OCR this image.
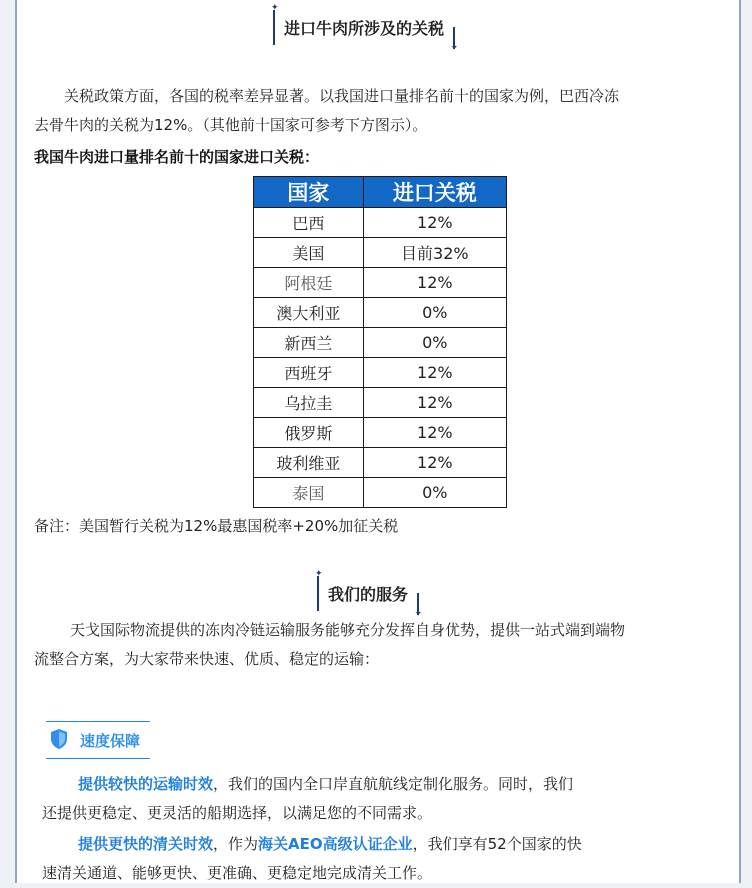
✦
进口牛肉所涉及的关税
✦
关税政策方面，各国的税率差异显著。以我国进口量排名前十的国家为例，巴西冷冻
去骨牛肉的关税为12%。（其他前十国家可参考下方图示）。
我国牛肉进口量排名前十的国家进口关税：
国家	进口关税
巴西	12%
美国	目前32%
阿根廷	12%
澳大利亚	0%
新西兰	0%
西班牙	12%
乌拉圭	12%
俄罗斯	12%
玻利维亚	12%
泰国	0%
备注：美国暂行关税为12%最惠国税率+20%加征关税
✦
我们的服务
✦
天戈国际物流提供的冻肉冷链运输服务能够充分发挥自身优势，提供一站式端到端物
流整合方案，为大家带来快速、优质、稳定的运输：
速度保障
提供较快的运输时效，我们的国内全口岸直航航线定制化服务。同时，我们
还提供更稳定、更灵活的船期选择，以满足您的不同需求。
提供更快的清关时效，作为海关AEO高级认证企业，我们享有52个国家的快
速清关通道、能够更快、更准确、更稳定地完成清关工作。
